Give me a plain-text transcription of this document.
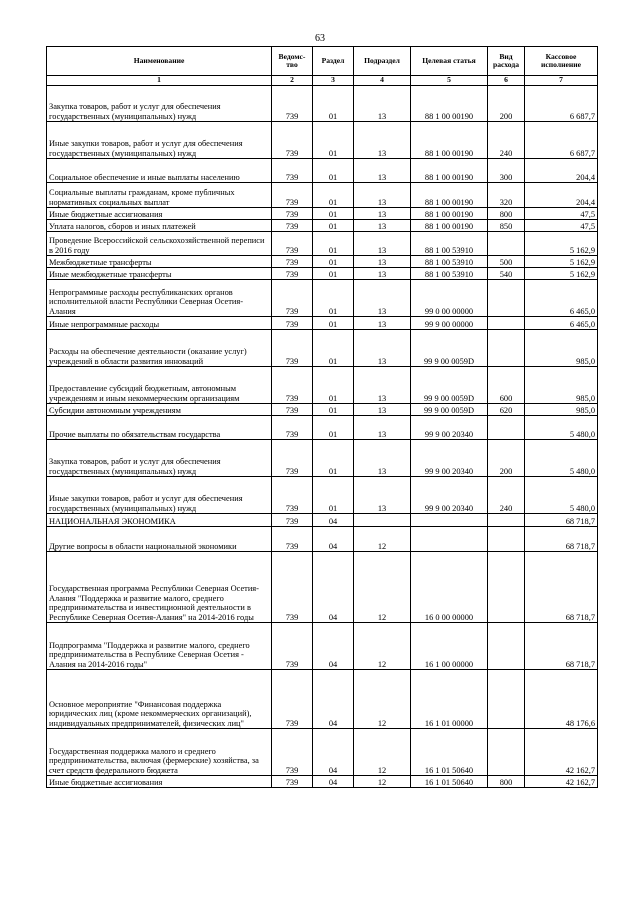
63
Наименование	Ведомс-тво	Раздел	Подраздел	Целевая статья	Вид расхода	Кассовое исполнение
1	2	3	4	5	6	7
Закупка товаров, работ и услуг для обеспечения государственных (муниципальных) нужд	739	01	13	88 1 00 00190	200	6 687,7
Иные закупки товаров, работ и услуг для обеспечения государственных (муниципальных) нужд	739	01	13	88 1 00 00190	240	6 687,7
Социальное обеспечение и иные выплаты населению	739	01	13	88 1 00 00190	300	204,4
Социальные выплаты гражданам, кроме публичных нормативных социальных выплат	739	01	13	88 1 00 00190	320	204,4
Иные бюджетные ассигнования	739	01	13	88 1 00 00190	800	47,5
Уплата налогов, сборов и иных платежей	739	01	13	88 1 00 00190	850	47,5
Проведение Всероссийской сельскохозяйственной переписи в 2016 году	739	01	13	88 1 00 53910		5 162,9
Межбюджетные трансферты	739	01	13	88 1 00 53910	500	5 162,9
Иные межбюджетные трансферты	739	01	13	88 1 00 53910	540	5 162,9
Непрограммные расходы республиканских органов исполнительной власти Республики Северная Осетия-Алания	739	01	13	99 0 00 00000		6 465,0
Иные непрограммные расходы	739	01	13	99 9 00 00000		6 465,0
Расходы на обеспечение деятельности (оказание услуг) учреждений в области развития инноваций	739	01	13	99 9 00 0059D		985,0
Предоставление субсидий бюджетным, автономным учреждениям и иным некоммерческим организациям	739	01	13	99 9 00 0059D	600	985,0
Субсидии автономным учреждениям	739	01	13	99 9 00 0059D	620	985,0
Прочие выплаты по обязательствам государства	739	01	13	99 9 00 20340		5 480,0
Закупка товаров, работ и услуг для обеспечения государственных (муниципальных) нужд	739	01	13	99 9 00 20340	200	5 480,0
Иные закупки товаров, работ и услуг для обеспечения государственных (муниципальных) нужд	739	01	13	99 9 00 20340	240	5 480,0
НАЦИОНАЛЬНАЯ ЭКОНОМИКА	739	04				68 718,7
Другие вопросы в области национальной экономики	739	04	12			68 718,7
Государственная программа Республики Северная Осетия-Алания "Поддержка и развитие малого, среднего предпринимательства и инвестиционной деятельности в Республике Северная Осетия-Алания" на 2014-2016 годы	739	04	12	16 0 00 00000		68 718,7
Подпрограмма "Поддержка и развитие малого, среднего предпринимательства в Республике Северная Осетия - Алания на 2014-2016 годы"	739	04	12	16 1 00 00000		68 718,7
Основное мероприятие "Финансовая поддержка юридических лиц (кроме некоммерческих организаций), индивидуальных предпринимателей, физических лиц"	739	04	12	16 1 01 00000		48 176,6
Государственная поддержка малого и среднего предпринимательства, включая (фермерские) хозяйства, за счет средств федерального бюджета	739	04	12	16 1 01 50640		42 162,7
Иные бюджетные ассигнования	739	04	12	16 1 01 50640	800	42 162,7
